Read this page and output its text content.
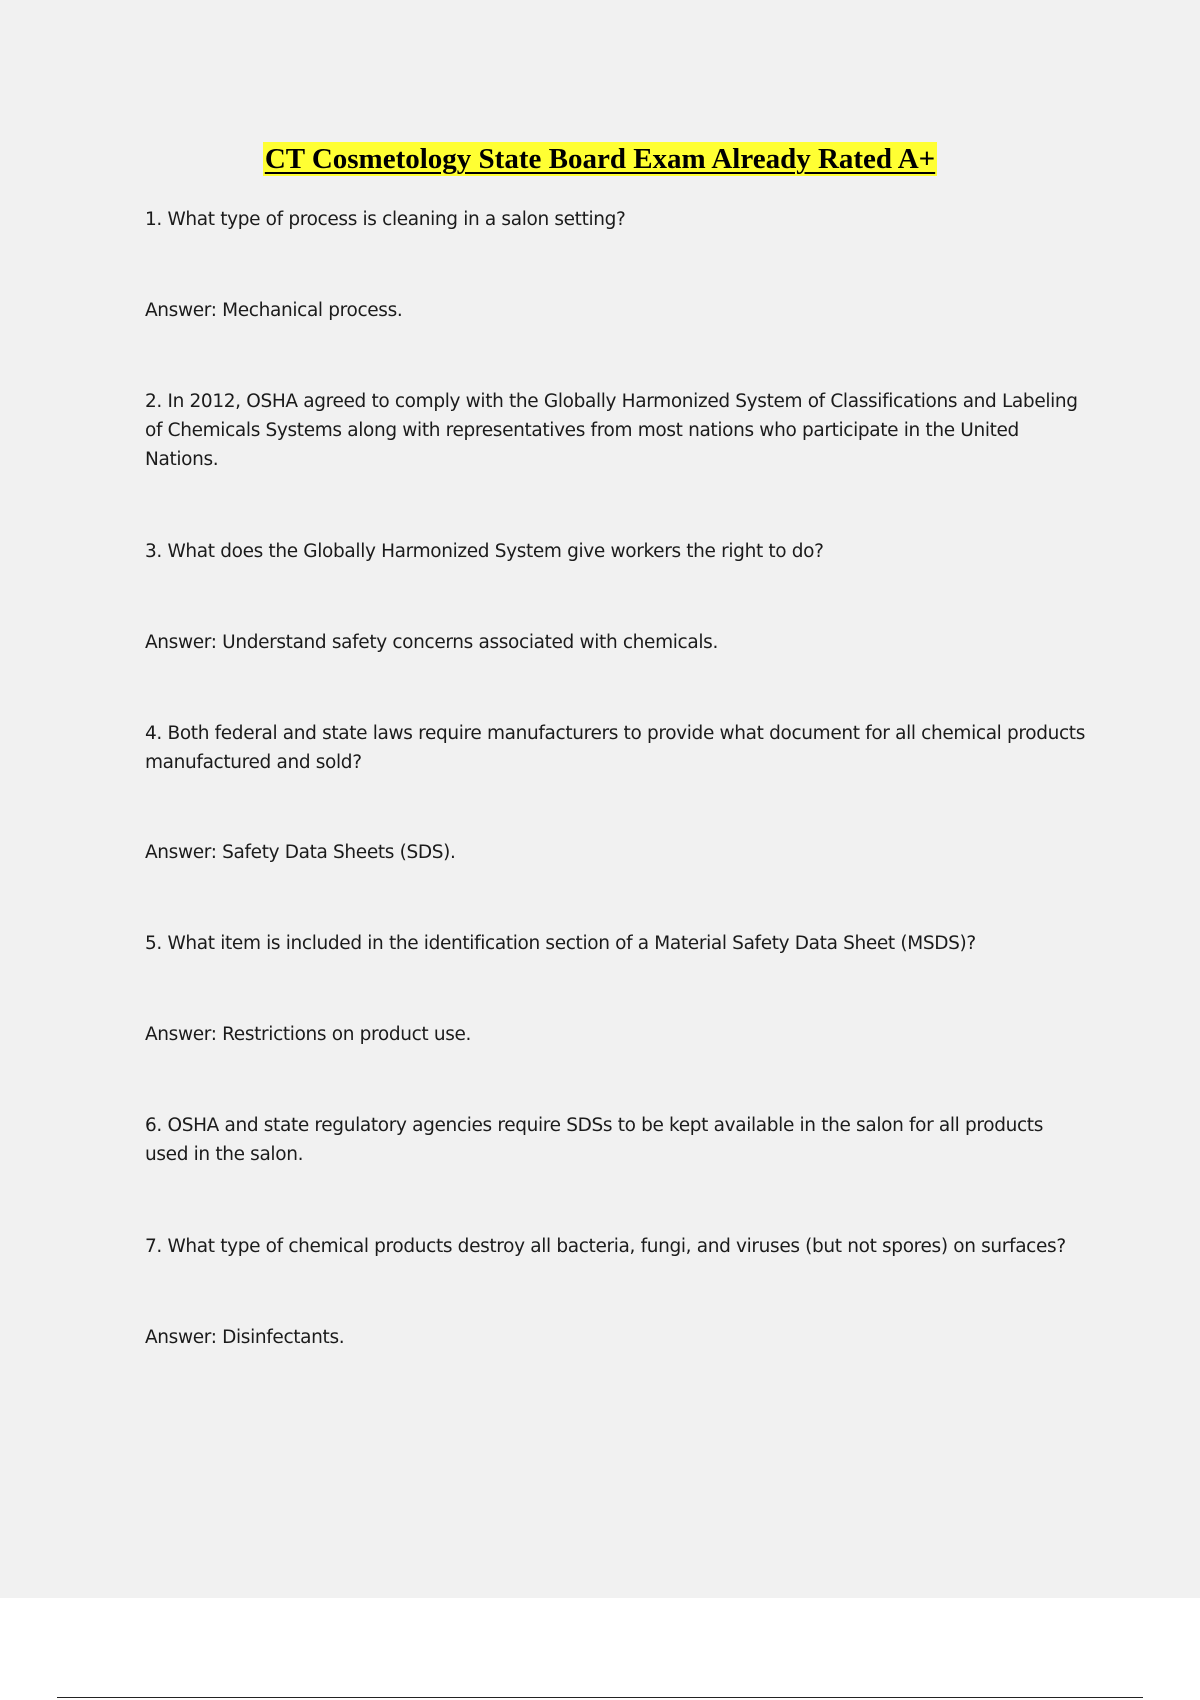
CT Cosmetology State Board Exam Already Rated A+

1. What type of process is cleaning in a salon setting?

Answer: Mechanical process.

2. In 2012, OSHA agreed to comply with the Globally Harmonized System of Classifications and Labeling of Chemicals Systems along with representatives from most nations who participate in the United Nations.

3. What does the Globally Harmonized System give workers the right to do?

Answer: Understand safety concerns associated with chemicals.

4. Both federal and state laws require manufacturers to provide what document for all chemical products manufactured and sold?

Answer: Safety Data Sheets (SDS).

5. What item is included in the identification section of a Material Safety Data Sheet (MSDS)?

Answer: Restrictions on product use.

6. OSHA and state regulatory agencies require SDSs to be kept available in the salon for all products used in the salon.

7. What type of chemical products destroy all bacteria, fungi, and viruses (but not spores) on surfaces?

Answer: Disinfectants.
